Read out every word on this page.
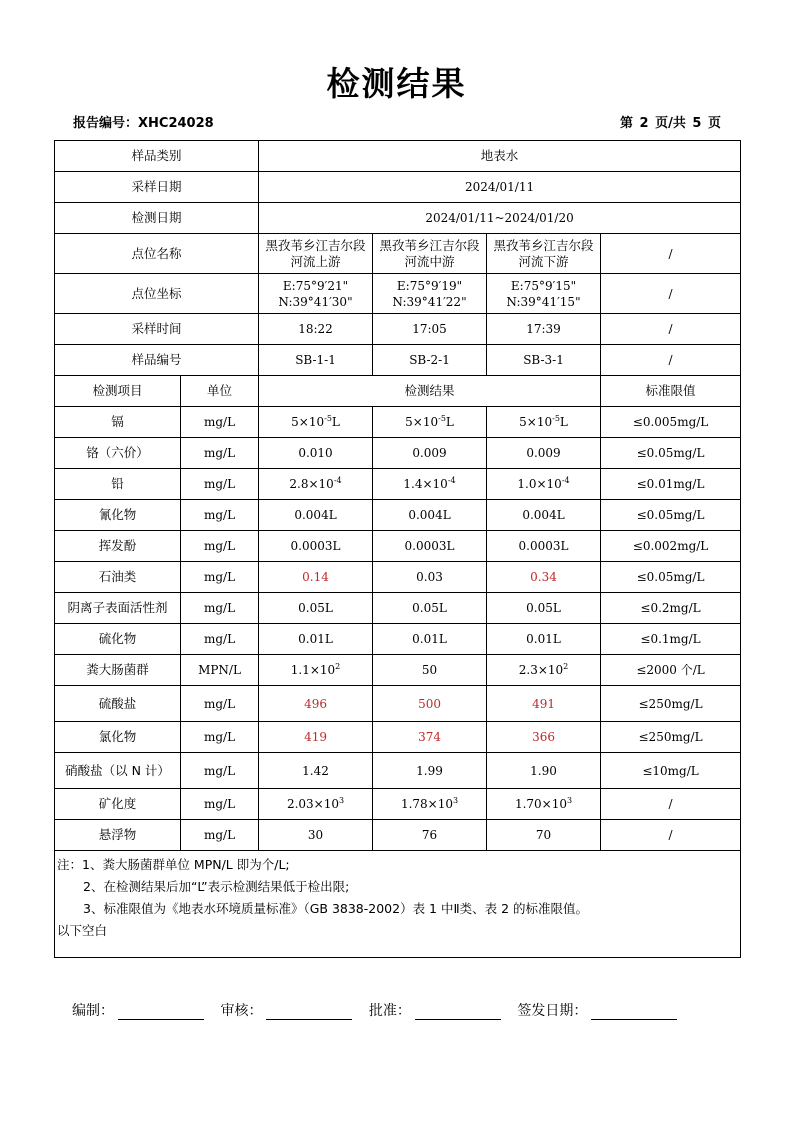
检测结果
报告编号：XHC24028	第 2 页/共 5 页
样品类别		地表水			
采样日期		2024/01/11			
检测日期		2024/01/11~2024/01/20			
点位名称		黑孜苇乡江吉尔段
河流上游	黑孜苇乡江吉尔段
河流中游	黑孜苇乡江吉尔段
河流下游	/
点位坐标		E:75°9′21"
N:39°41′30"	E:75°9′19"
N:39°41′22"	E:75°9′15"
N:39°41′15"	/
采样时间		18:22	17:05	17:39	/
样品编号		SB-1-1	SB-2-1	SB-3-1	/
检测项目	单位	检测结果			标准限值
镉	mg/L	$5\times 10^{-5}L$	$5\times 10^{-5}L$	$5\times 10^{-5}L$	≤0.005mg/L
铬（六价）	mg/L	0.010	0.009	0.009	≤0.05mg/L
铅	mg/L	$2.8\times 10^{-4}$	$1.4\times 10^{-4}$	$1.0\times 10^{-4}$	≤0.01mg/L
氰化物	mg/L	0.004L	0.004L	0.004L	≤0.05mg/L
挥发酚	mg/L	0.0003L	0.0003L	0.0003L	≤0.002mg/L
石油类	mg/L	0.14	0.03	0.34	≤0.05mg/L
阴离子表面活性剂	mg/L	0.05L	0.05L	0.05L	≤0.2mg/L
硫化物	mg/L	0.01L	0.01L	0.01L	≤0.1mg/L
粪大肠菌群	MPN/L	$1.1\times 10^2$	50	$2.3\times 10^2$	≤2000 个/L
硫酸盐	mg/L	496	500	491	≤250mg/L
氯化物	mg/L	419	374	366	≤250mg/L
硝酸盐（以 N 计）	mg/L	1.42	1.99	1.90	≤10mg/L
矿化度	mg/L	$2.03\times 10^3$	$1.78\times 10^3$	$1.70\times 10^3$	/
悬浮物	mg/L	30	76	70	/

注：1、粪大肠菌群单位 MPN/L 即为个/L;
2、在检测结果后加“L”表示检测结果低于检出限;
3、标准限值为《地表水环境质量标准》（GB 3838-2002）表 1 中Ⅱ类、表 2 的标准限值。
以下空白					
编制：	审核：	批准：	签发日期：
